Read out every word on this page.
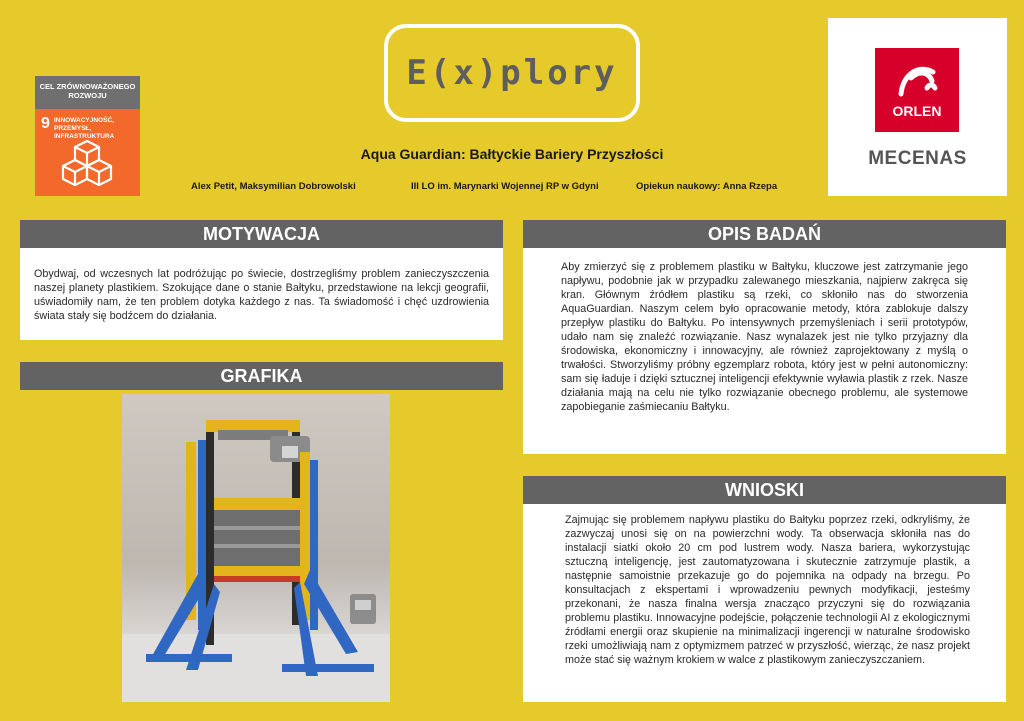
CEL ZRÓWNOWAŻONEGO ROZWOJU
9 INNOWACYJNOŚĆ,
PRZEMYSŁ,
INFRASTRUKTURA
E(x)plory
Aqua Guardian: Bałtyckie Bariery Przyszłości
Alex Petit, Maksymilian Dobrowolski	III LO im. Marynarki Wojennej RP w Gdyni	Opiekun naukowy: Anna Rzepa
ORLEN
MECENAS
MOTYWACJA
Obydwaj, od wczesnych lat podróżując po świecie, dostrzegliśmy problem zanieczyszczenia naszej planety plastikiem. Szokujące dane o stanie Bałtyku, przedstawione na lekcji geografii, uświadomiły nam, że ten problem dotyka każdego z nas. Ta świadomość i chęć uzdrowienia świata stały się bodźcem do działania.
GRAFIKA
OPIS BADAŃ
Aby zmierzyć się z problemem plastiku w Bałtyku, kluczowe jest zatrzymanie jego napływu, podobnie jak w przypadku zalewanego mieszkania, najpierw zakręca się kran. Głównym źródłem plastiku są rzeki, co skłoniło nas do stworzenia AquaGuardian. Naszym celem było opracowanie metody, która zablokuje dalszy przepływ plastiku do Bałtyku. Po intensywnych przemyśleniach i serii prototypów, udało nam się znaleźć rozwiązanie. Nasz wynalazek jest nie tylko przyjazny dla środowiska, ekonomiczny i innowacyjny, ale również zaprojektowany z myślą o trwałości. Stworzyliśmy próbny egzemplarz robota, który jest w pełni autonomiczny: sam się ładuje i dzięki sztucznej inteligencji efektywnie wyławia plastik z rzek. Nasze działania mają na celu nie tylko rozwiązanie obecnego problemu, ale systemowe zapobieganie zaśmiecaniu Bałtyku.
WNIOSKI
Zajmując się problemem napływu plastiku do Bałtyku poprzez rzeki, odkryliśmy, że zazwyczaj unosi się on na powierzchni wody. Ta obserwacja skłoniła nas do instalacji siatki około 20 cm pod lustrem wody. Nasza bariera, wykorzystując sztuczną inteligencję, jest zautomatyzowana i skutecznie zatrzymuje plastik, a następnie samoistnie przekazuje go do pojemnika na odpady na brzegu. Po konsultacjach z ekspertami i wprowadzeniu pewnych modyfikacji, jesteśmy przekonani, że nasza finalna wersja znacząco przyczyni się do rozwiązania problemu plastiku. Innowacyjne podejście, połączenie technologii AI z ekologicznymi źródłami energii oraz skupienie na minimalizacji ingerencji w naturalne środowisko rzeki umożliwiają nam z optymizmem patrzeć w przyszłość, wierząc, że nasz projekt może stać się ważnym krokiem w walce z plastikowym zanieczyszczaniem.
